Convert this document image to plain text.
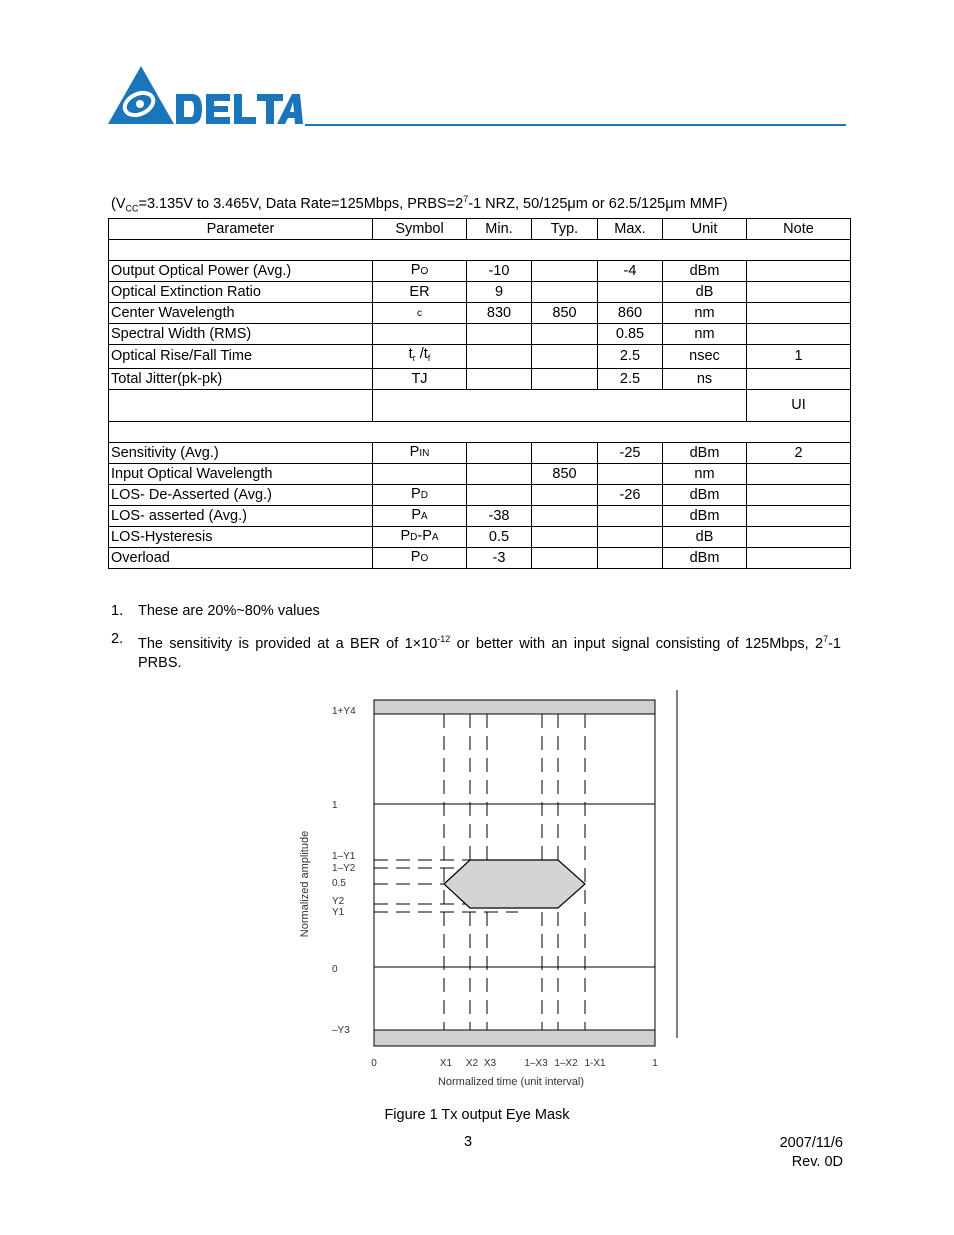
($V_{CC}=3.135V$ to 3.465V, Data Rate=125Mbps, $PRBS=2^7-1$ NRZ, 50/125μm or 62.5/125μm MMF)
Parameter	Symbol	Min.	Typ.	Max.	Unit	Note

Output Optical Power (Avg.)	PO	-10		-4	dBm	
Optical Extinction Ratio	ER	9			dB	
Center Wavelength	c	830	850	860	nm	
Spectral Width (RMS)				0.85	nm	
Optical Rise/Fall Time	$t_r$ $/t_f$			2.5	nsec	1
Total Jitter(pk-pk)	TJ			2.5	ns	
						UI

Sensitivity (Avg.)	PIN			-25	dBm	2
Input Optical Wavelength			850		nm	
LOS- De-Asserted (Avg.)	PD			-26	dBm	
LOS- asserted (Avg.)	PA	-38			dBm	
LOS-Hysteresis	PD-PA	0.5			dB	
Overload	PO	-3			dBm	
1.	These are 20%~80% values
2.	The sensitivity is provided at a BER of $1\times 10^{-12}$ or better with an input signal consisting of 125Mbps, $2^7-1$ PRBS.
1+Y4
1
1–Y1
1–Y2
0.5
Y2
Y1
0
–Y3
0	X1 X2 X3	1–X3 1–X2 1-X1	1
Normalized time (unit interval)
Normalized amplitude
Figure 1 Tx output Eye Mask
3	2007/11/6
Rev. 0D
